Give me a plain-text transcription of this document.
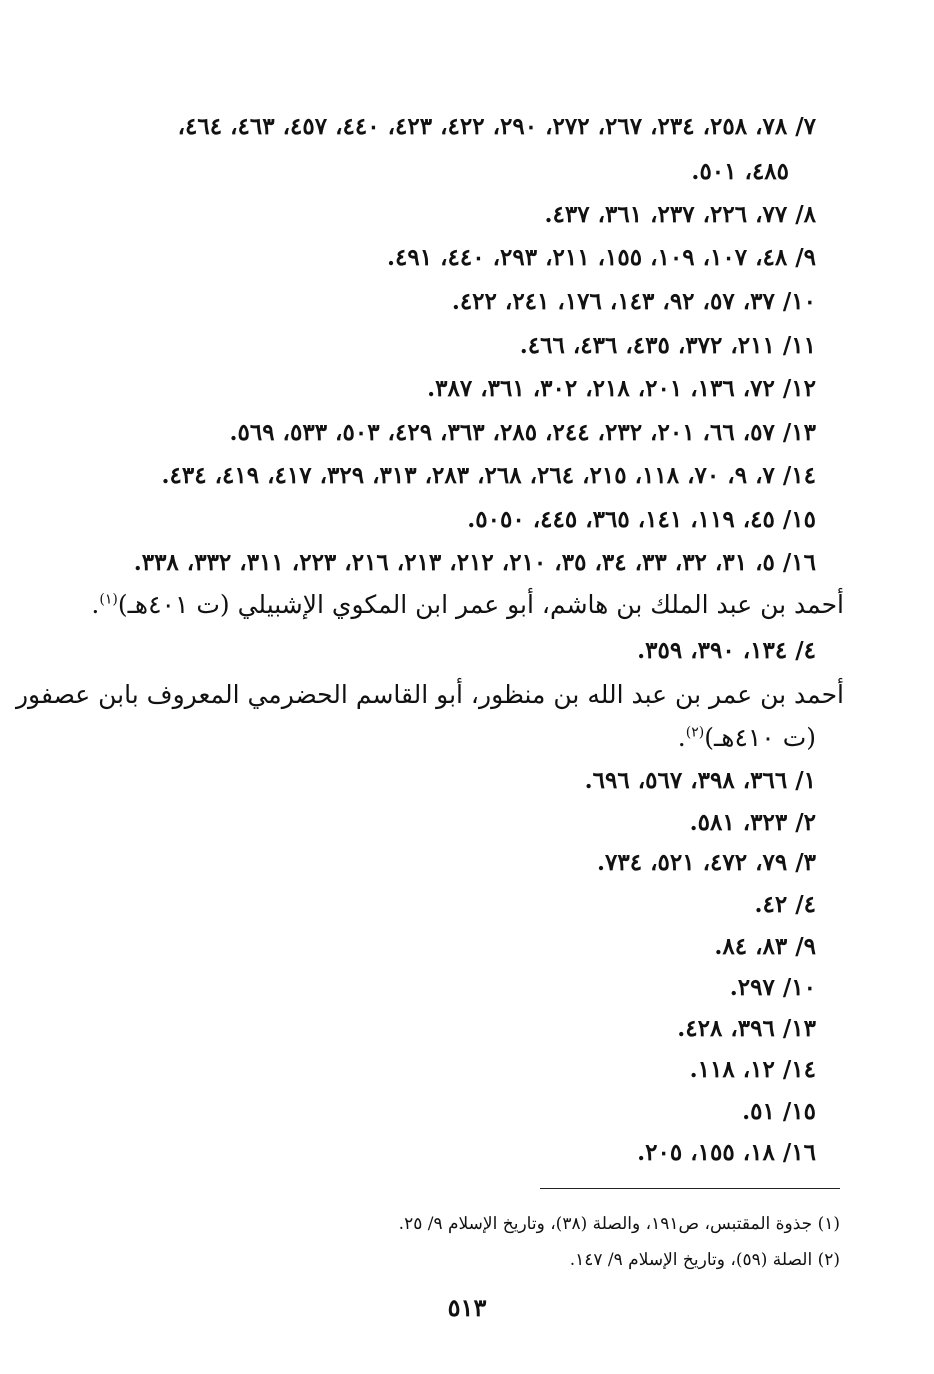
٧/ ٧٨، ٢٥٨، ٢٣٤، ٢٦٧، ٢٧٢، ٢٩٠، ٤٢٢، ٤٢٣، ٤٤٠، ٤٥٧، ٤٦٣، ٤٦٤،
٤٨٥، ٥٠١.
٨/ ٧٧، ٢٢٦، ٢٣٧، ٣٦١، ٤٣٧.
٩/ ٤٨، ١٠٧، ١٠٩، ١٥٥، ٢١١، ٢٩٣، ٤٤٠، ٤٩١.
١٠/ ٣٧، ٥٧، ٩٢، ١٤٣، ١٧٦، ٢٤١، ٤٢٢.
١١/ ٢١١، ٣٧٢، ٤٣٥، ٤٣٦، ٤٦٦.
١٢/ ٧٢، ١٣٦، ٢٠١، ٢١٨، ٣٠٢، ٣٦١، ٣٨٧.
١٣/ ٥٧، ٦٦، ٢٠١، ٢٣٢، ٢٤٤، ٢٨٥، ٣٦٣، ٤٢٩، ٥٠٣، ٥٣٣، ٥٦٩.
١٤/ ٧، ٩، ٧٠، ١١٨، ٢١٥، ٢٦٤، ٢٦٨، ٢٨٣، ٣١٣، ٣٢٩، ٤١٧، ٤١٩، ٤٣٤.
١٥/ ٤٥، ١١٩، ١٤١، ٣٦٥، ٤٤٥، ٥٠٥٠.
١٦/ ٥، ٣١، ٣٢، ٣٣، ٣٤، ٣٥، ٢١٠، ٢١٢، ٢١٣، ٢١٦، ٢٢٣، ٣١١، ٣٣٢، ٣٣٨.
أحمد بن عبد الملك بن هاشم، أبو عمر ابن المكوي الإشبيلي (ت ٤٠١هـ)$^{(١)}$.
٤/ ١٣٤، ٣٩٠، ٣٥٩.
أحمد بن عمر بن عبد الله بن منظور، أبو القاسم الحضرمي المعروف بابن عصفور
(ت ٤١٠هـ)$^{(٢)}$.
١/ ٣٦٦، ٣٩٨، ٥٦٧، ٦٩٦.
٢/ ٣٢٣، ٥٨١.
٣/ ٧٩، ٤٧٢، ٥٢١، ٧٣٤.
٤/ ٤٢.
٩/ ٨٣، ٨٤.
١٠/ ٢٩٧.
١٣/ ٣٩٦، ٤٢٨.
١٤/ ١٢، ١١٨.
١٥/ ٥١.
١٦/ ١٨، ١٥٥، ٢٠٥.
(١) جذوة المقتبس، ص١٩١، والصلة (٣٨)، وتاريخ الإسلام ٩/ ٢٥.
(٢) الصلة (٥٩)، وتاريخ الإسلام ٩/ ١٤٧.
٥١٣
